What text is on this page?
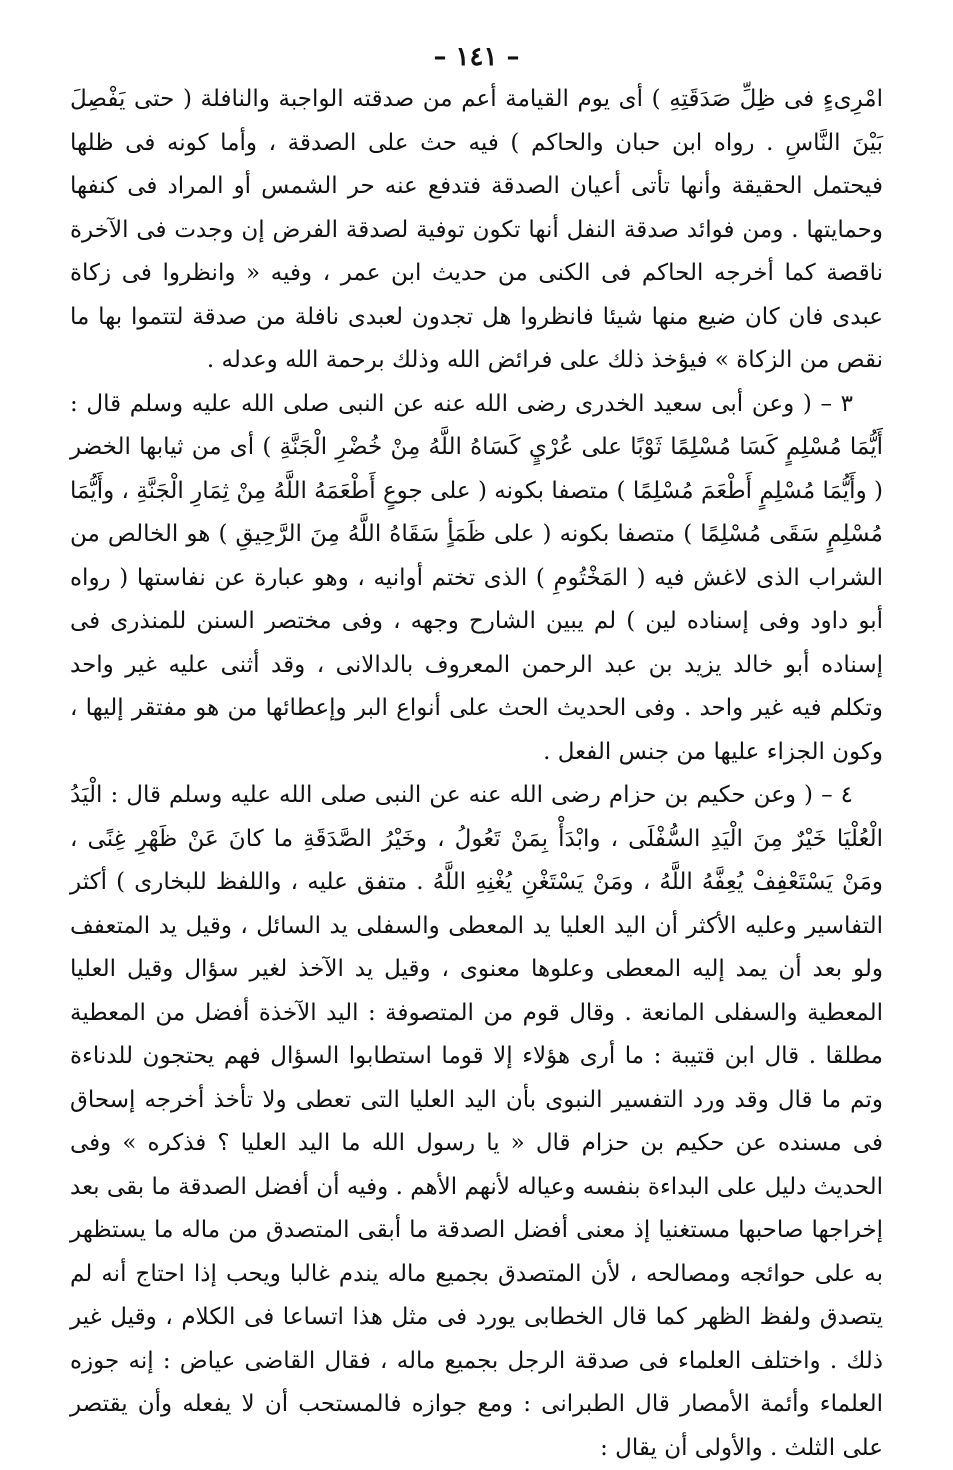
– ١٤١ –

امْرِىءٍ فى ظِلِّ صَدَقَتِهِ ) أى يوم القيامة أعم من صدقته الواجبة والنافلة ( حتى يَفْصِلَ بَيْنَ النَّاسِ . رواه ابن حبان والحاكم ) فيه حث على الصدقة ، وأما كونه فى ظلها فيحتمل الحقيقة وأنها تأتى أعيان الصدقة فتدفع عنه حر الشمس أو المراد فى كنفها وحمايتها . ومن فوائد صدقة النفل أنها تكون توفية لصدقة الفرض إن وجدت فى الآخرة ناقصة كما أخرجه الحاكم فى الكنى من حديث ابن عمر ، وفيه « وانظروا فى زكاة عبدى فان كان ضيع منها شيئا فانظروا هل تجدون لعبدى نافلة من صدقة لتتموا بها ما نقص من الزكاة » فيؤخذ ذلك على فرائض الله وذلك برحمة الله وعدله .

٣ – ( وعن أبى سعيد الخدرى رضى الله عنه عن النبى صلى الله عليه وسلم قال : أَيُّمَا مُسْلِمٍ كَسَا مُسْلِمًا ثَوْبًا على عُرْيٍ كَسَاهُ اللَّهُ مِنْ خُضْرِ الْجَنَّةِ ) أى من ثيابها الخضر ( وأَيُّمَا مُسْلِمٍ أَطْعَمَ مُسْلِمًا ) متصفا بكونه ( على جوعٍ أَطْعَمَهُ اللَّهُ مِنْ ثِمَارِ الْجَنَّةِ ، وأَيُّمَا مُسْلِمٍ سَقَى مُسْلِمًا ) متصفا بكونه ( على ظَمَأٍ سَقَاهُ اللَّهُ مِنَ الرَّحِيقِ ) هو الخالص من الشراب الذى لاغش فيه ( المَخْتُومِ ) الذى تختم أوانيه ، وهو عبارة عن نفاستها ( رواه أبو داود وفى إسناده لين ) لم يبين الشارح وجهه ، وفى مختصر السنن للمنذرى فى إسناده أبو خالد يزيد بن عبد الرحمن المعروف بالدالانى ، وقد أثنى عليه غير واحد وتكلم فيه غير واحد . وفى الحديث الحث على أنواع البر وإعطائها من هو مفتقر إليها ، وكون الجزاء عليها من جنس الفعل .

٤ – ( وعن حكيم بن حزام رضى الله عنه عن النبى صلى الله عليه وسلم قال : الْيَدُ الْعُلْيَا خَيْرٌ مِنَ الْيَدِ السُّفْلَى ، وابْدَأْ بِمَنْ تَعُولُ ، وخَيْرُ الصَّدَقَةِ ما كانَ عَنْ ظَهْرِ غِنًى ، ومَنْ يَسْتَعْفِفْ يُعِفَّهُ اللَّهُ ، ومَنْ يَسْتَغْنِ يُغْنِهِ اللَّهُ . متفق عليه ، واللفظ للبخارى ) أكثر التفاسير وعليه الأكثر أن اليد العليا يد المعطى والسفلى يد السائل ، وقيل يد المتعفف ولو بعد أن يمد إليه المعطى وعلوها معنوى ، وقيل يد الآخذ لغير سؤال وقيل العليا المعطية والسفلى المانعة . وقال قوم من المتصوفة : اليد الآخذة أفضل من المعطية مطلقا . قال ابن قتيبة : ما أرى هؤلاء إلا قوما استطابوا السؤال فهم يحتجون للدناءة وتم ما قال وقد ورد التفسير النبوى بأن اليد العليا التى تعطى ولا تأخذ أخرجه إسحاق فى مسنده عن حكيم بن حزام قال « يا رسول الله ما اليد العليا ؟ فذكره » وفى الحديث دليل على البداءة بنفسه وعياله لأنهم الأهم . وفيه أن أفضل الصدقة ما بقى بعد إخراجها صاحبها مستغنيا إذ معنى أفضل الصدقة ما أبقى المتصدق من ماله ما يستظهر به على حوائجه ومصالحه ، لأن المتصدق بجميع ماله يندم غالبا ويحب إذا احتاج أنه لم يتصدق ولفظ الظهر كما قال الخطابى يورد فى مثل هذا اتساعا فى الكلام ، وقيل غير ذلك . واختلف العلماء فى صدقة الرجل بجميع ماله ، فقال القاضى عياض : إنه جوزه العلماء وأئمة الأمصار قال الطبرانى : ومع جوازه فالمستحب أن لا يفعله وأن يقتصر على الثلث . والأولى أن يقال :
